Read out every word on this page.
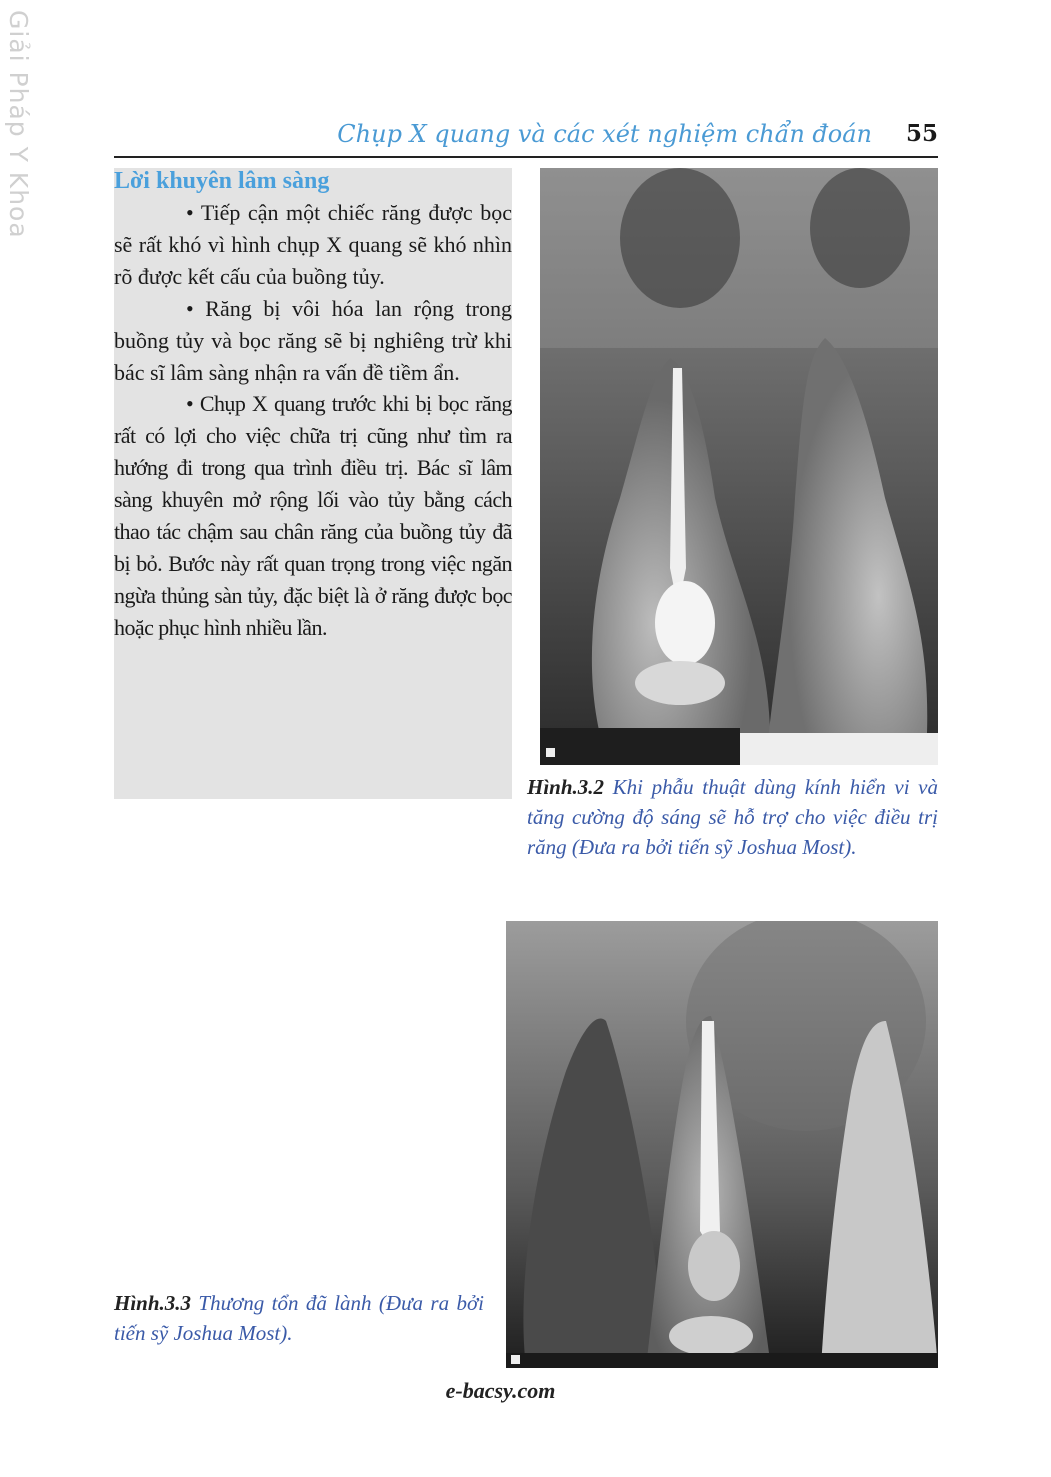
Giải Pháp Y Khoa	Chụp X quang và các xét nghiệm chẩn đoán 55
Lời khuyên lâm sàng

• Tiếp cận một chiếc răng được bọc sẽ rất khó vì hình chụp X quang sẽ khó nhìn rõ được kết cấu của buồng tủy.

• Răng bị vôi hóa lan rộng trong buồng tủy và bọc răng sẽ bị nghiêng trừ khi bác sĩ lâm sàng nhận ra vấn đề tiềm ẩn.

• Chụp X quang trước khi bị bọc răng rất có lợi cho việc chữa trị cũng như tìm ra hướng đi trong qua trình điều trị. Bác sĩ lâm sàng khuyên mở rộng lối vào tủy bằng cách thao tác chậm sau chân răng của buồng tủy đã bị bỏ. Bước này rất quan trọng trong việc ngăn ngừa thủng sàn tủy, đặc biệt là ở răng được bọc hoặc phục hình nhiều lần.

Hình.3.2 Khi phẫu thuật dùng kính hiển vi và tăng cường độ sáng sẽ hỗ trợ cho việc điều trị răng (Đưa ra bởi tiến sỹ Joshua Most).
Hình.3.3 Thương tổn đã lành (Đưa ra bởi tiến sỹ Joshua Most).
e-bacsy.com
